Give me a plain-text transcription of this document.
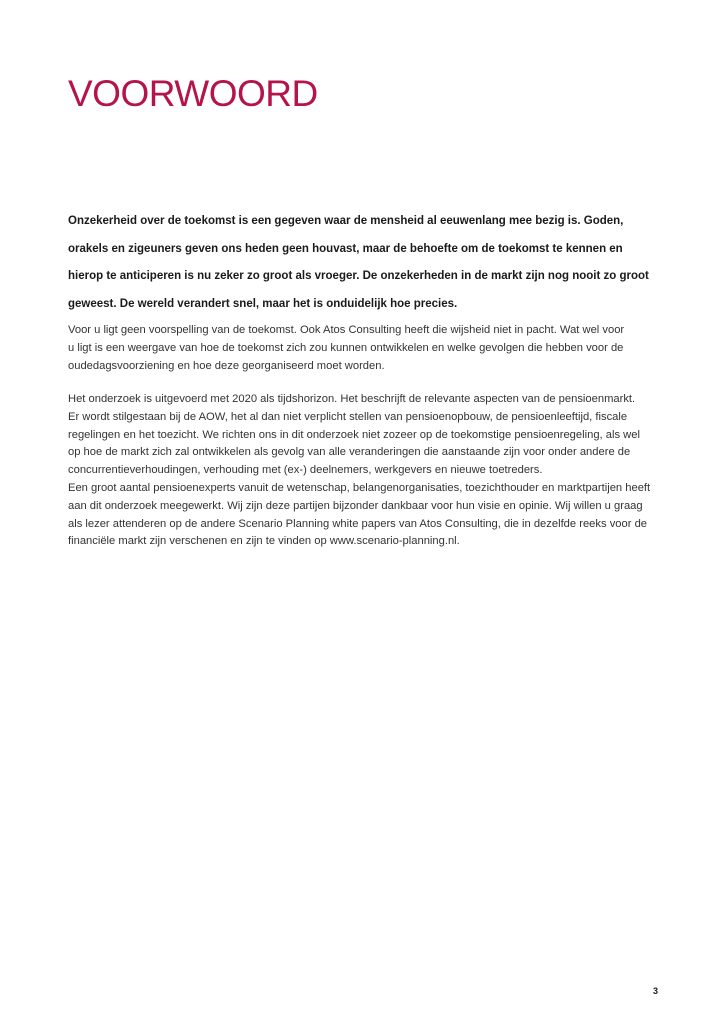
VOORWOORD

Onzekerheid over de toekomst is een gegeven waar de mensheid al eeuwenlang mee bezig is. Goden,
orakels en zigeuners geven ons heden geen houvast, maar de behoefte om de toekomst te kennen en
hierop te anticiperen is nu zeker zo groot als vroeger. De onzekerheden in de markt zijn nog nooit zo groot
geweest. De wereld verandert snel, maar het is onduidelijk hoe precies.

Voor u ligt geen voorspelling van de toekomst. Ook Atos Consulting heeft die wijsheid niet in pacht. Wat wel voor
u ligt is een weergave van hoe de toekomst zich zou kunnen ontwikkelen en welke gevolgen die hebben voor de
oudedagsvoorziening en hoe deze georganiseerd moet worden.

Het onderzoek is uitgevoerd met 2020 als tijdshorizon. Het beschrijft de relevante aspecten van de pensioenmarkt.
Er wordt stilgestaan bij de AOW, het al dan niet verplicht stellen van pensioenopbouw, de pensioenleeftijd, fiscale
regelingen en het toezicht. We richten ons in dit onderzoek niet zozeer op de toekomstige pensioenregeling, als wel
op hoe de markt zich zal ontwikkelen als gevolg van alle veranderingen die aanstaande zijn voor onder andere de
concurrentieverhoudingen, verhouding met (ex-) deelnemers, werkgevers en nieuwe toetreders.

Een groot aantal pensioenexperts vanuit de wetenschap, belangenorganisaties, toezichthouder en marktpartijen heeft
aan dit onderzoek meegewerkt. Wij zijn deze partijen bijzonder dankbaar voor hun visie en opinie. Wij willen u graag
als lezer attenderen op de andere Scenario Planning white papers van Atos Consulting, die in dezelfde reeks voor de
financiële markt zijn verschenen en zijn te vinden op www.scenario-planning.nl.

3
